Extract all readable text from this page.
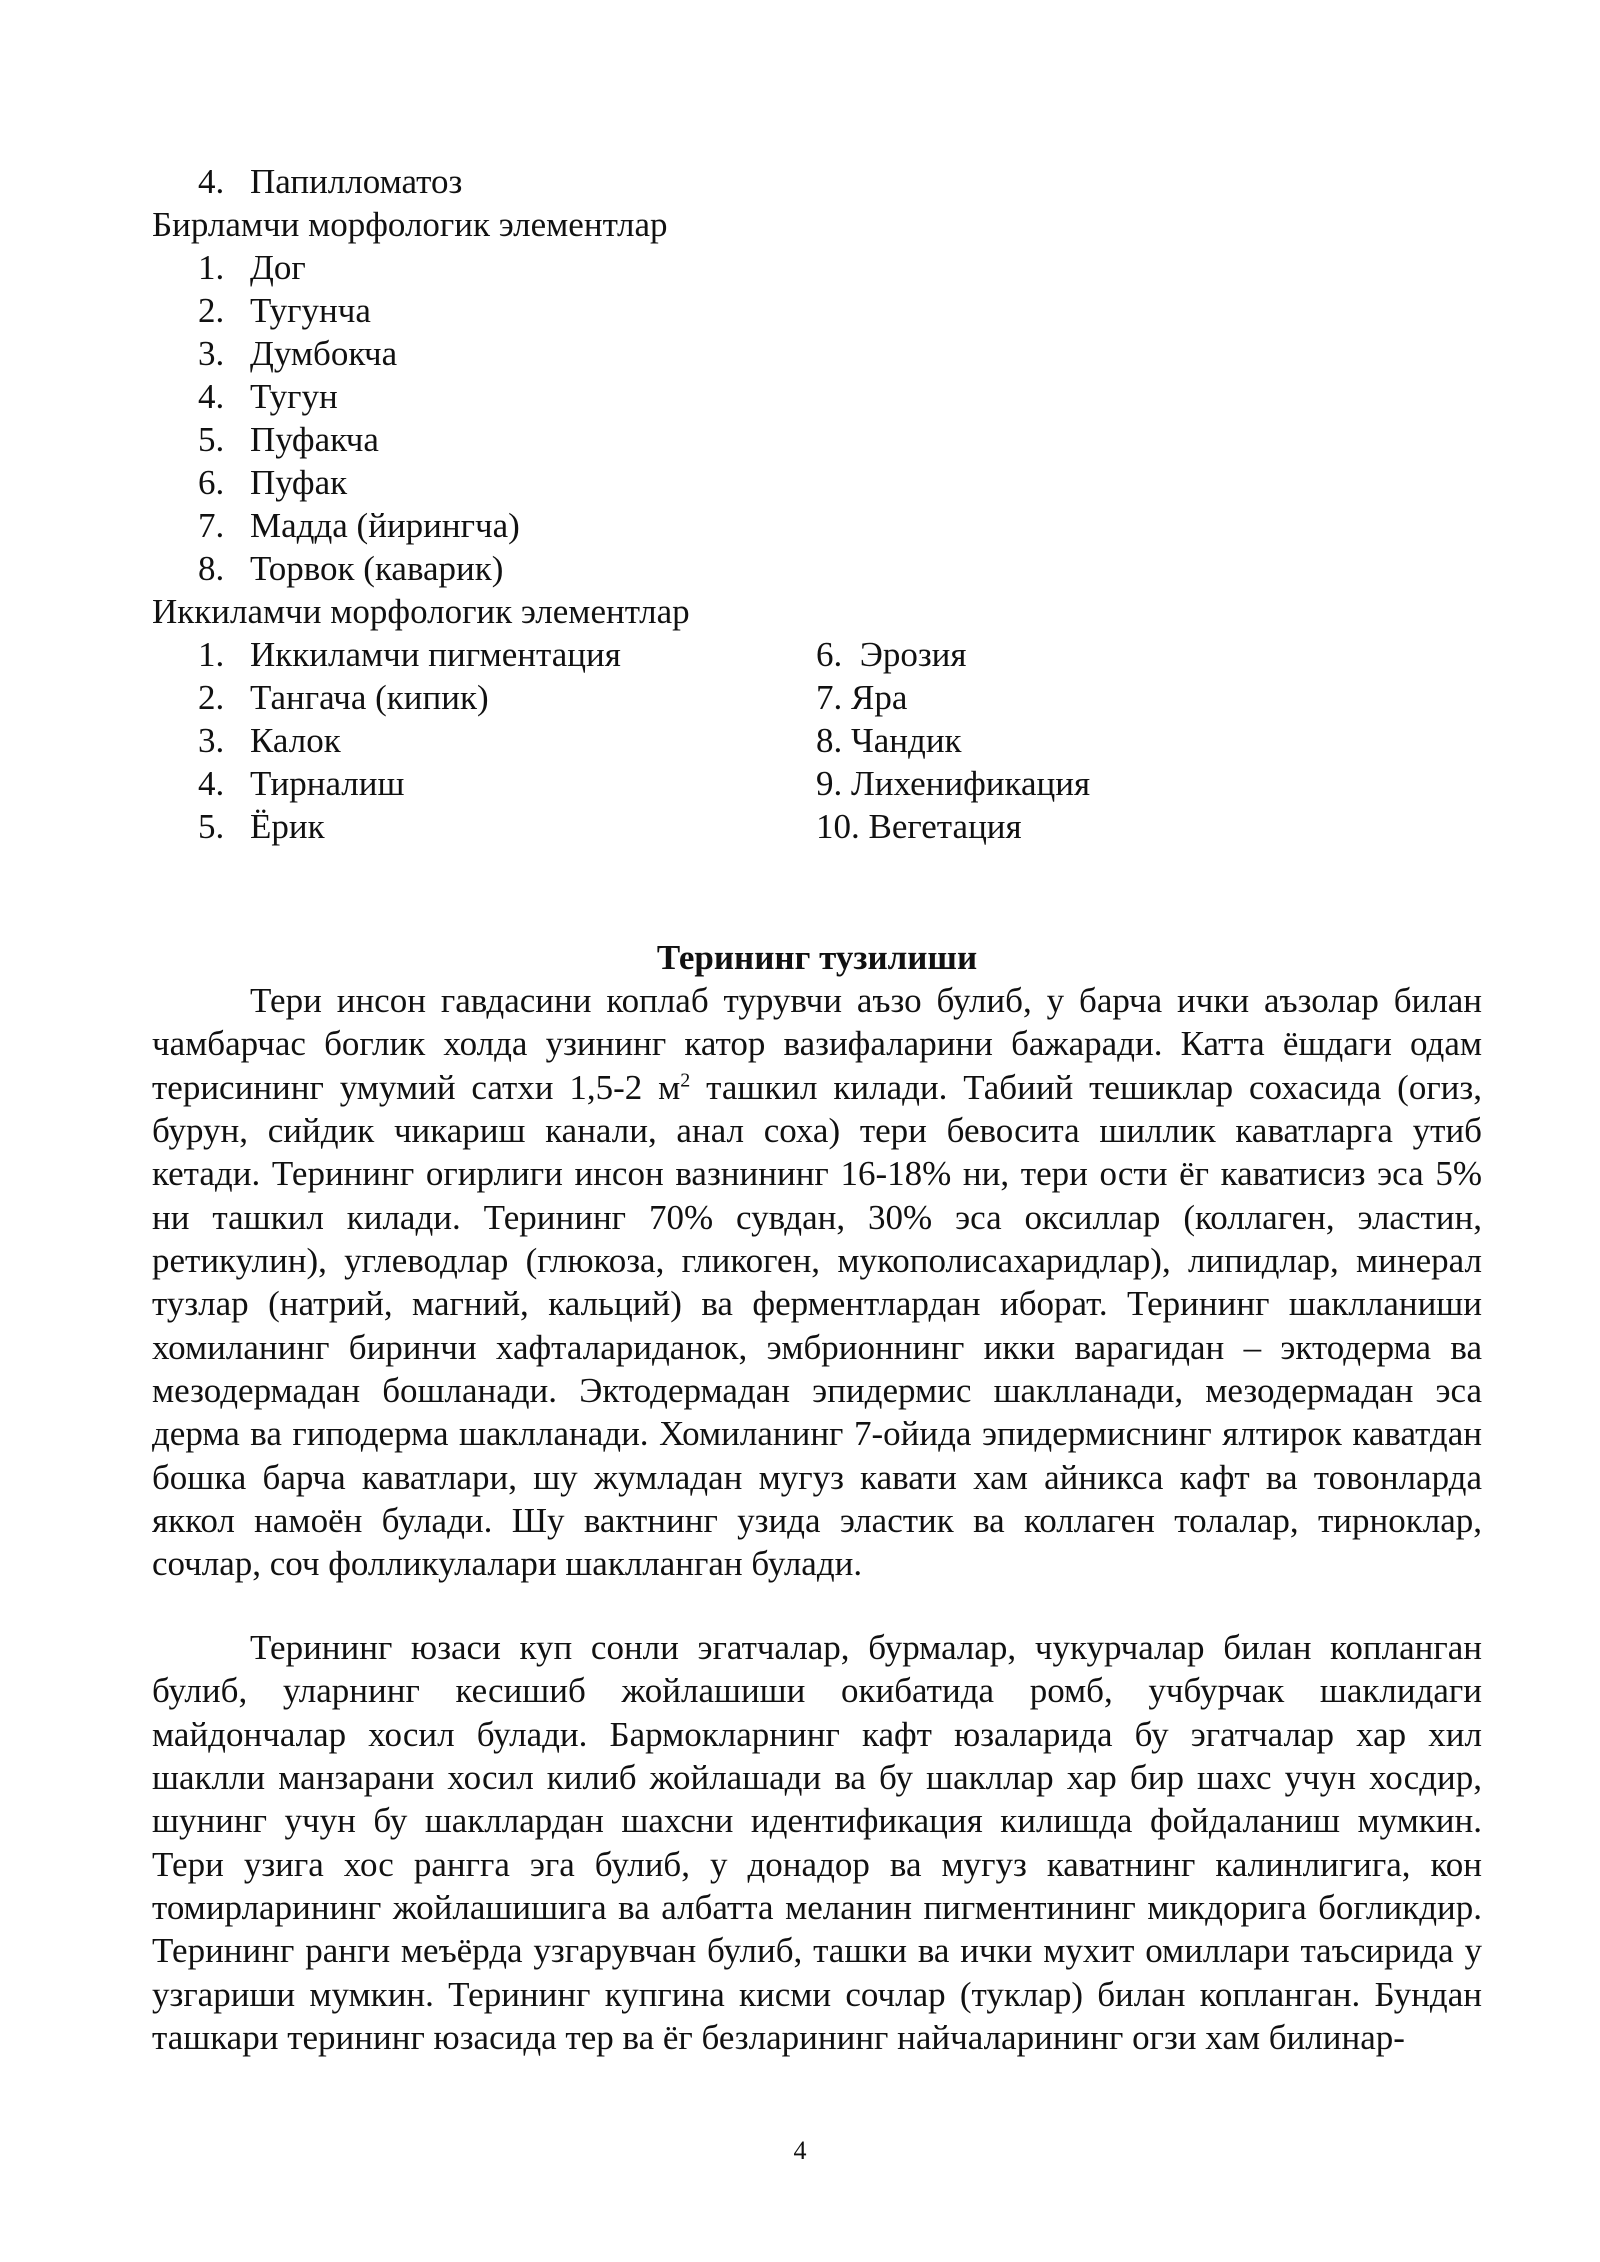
4. Папилломатоз
Бирламчи морфологик элементлар
1. Дог
2. Тугунча
3. Думбокча
4. Тугун
5. Пуфакча
6. Пуфак
7. Мадда (йирингча)
8. Торвок (каварик)
Иккиламчи морфологик элементлар
1. Иккиламчи пигментация
2. Тангача (кипик)
3. Калок
4. Тирналиш
5. Ёрик
6.  Эрозия
7. Яра
8. Чандик
9. Лихенификация
10. Вегетация
Терининг тузилиши

Тери инсон гавдасини коплаб турувчи аъзо булиб, у барча ички аъзолар билан чамбарчас боглик холда узининг катор вазифаларини бажаради. Катта ёшдаги одам терисининг умумий сатхи 1,5-2 $м^2$ ташкил килади. Табиий тешиклар сохасида (огиз, бурун, сийдик чикариш канали, анал соха) тери бевосита шиллик каватларга утиб кетади. Терининг огирлиги инсон вазнининг 16-18% ни, тери ости ёг каватисиз эса 5% ни ташкил килади. Терининг 70% сувдан, 30% эса оксиллар (коллаген, эластин, ретикулин), углеводлар (глюкоза, гликоген, мукополисахаридлар), липидлар, минерал тузлар (натрий, магний, кальций) ва ферментлардан иборат. Терининг шаклланиши хомиланинг биринчи хафталариданок, эмбрионнинг икки варагидан – эктодерма ва мезодермадан бошланади. Эктодермадан эпидермис шаклланади, мезодермадан эса дерма ва гиподерма шаклланади. Хомиланинг 7-ойида эпидермиснинг ялтирок каватдан бошка барча каватлари, шу жумладан мугуз кавати хам айникса кафт ва товонларда яккол намоён булади. Шу вактнинг узида эластик ва коллаген толалар, тирноклар, сочлар, соч фолликулалари шаклланган булади.

Терининг юзаси куп сонли эгатчалар, бурмалар, чукурчалар билан копланган булиб, уларнинг кесишиб жойлашиши окибатида ромб, учбурчак шаклидаги майдончалар хосил булади. Бармокларнинг кафт юзаларида бу эгатчалар хар хил шаклли манзарани хосил килиб жойлашади ва бу шакллар хар бир шахс учун хосдир, шунинг учун бу шакллардан шахсни идентификация килишда фойдаланиш мумкин. Тери узига хос рангга эга булиб, у донадор ва мугуз каватнинг калинлигига, кон томирларининг жойлашишига ва албатта меланин пигментининг микдорига богликдир. Терининг ранги меъёрда узгарувчан булиб, ташки ва ички мухит омиллари таъсирида у узгариши мумкин. Терининг купгина кисми сочлар (туклар) билан копланган. Бундан ташкари терининг юзасида тер ва ёг безларининг найчаларининг огзи хам билинар-

4
